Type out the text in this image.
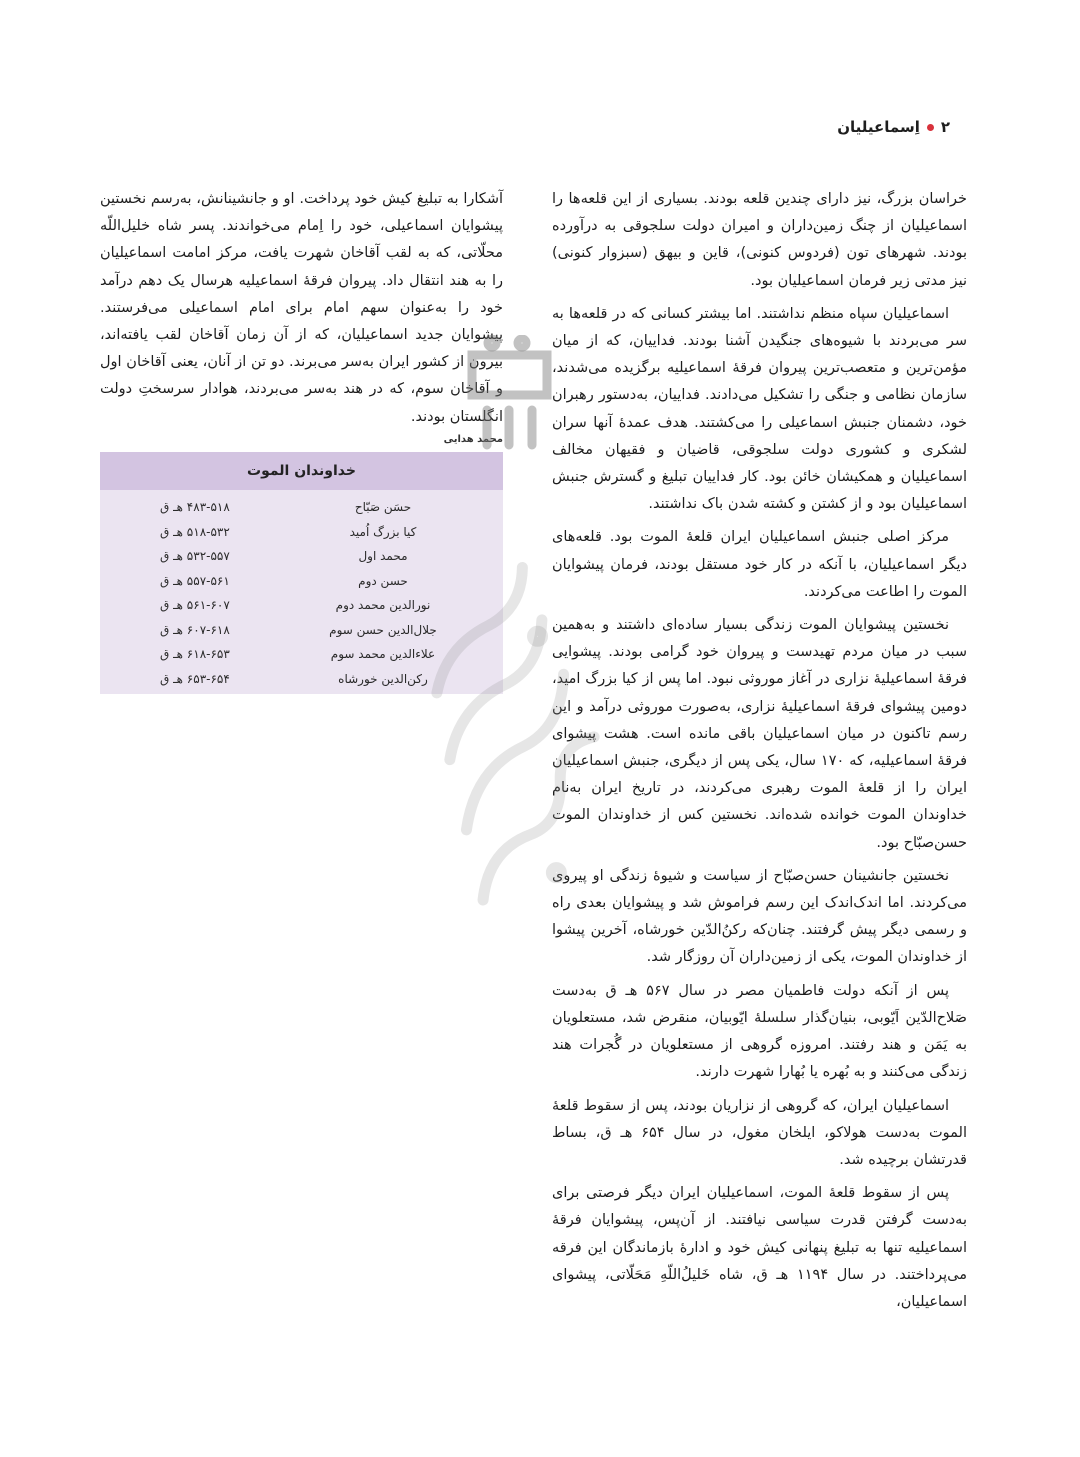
۲
اِسماعیلیان

خراسان بزرگ، نیز دارای چندین قلعه بودند. بسیاری از این قلعه‌ها را اسماعیلیان از چنگ زمین‌داران و امیران دولت سلجوقی به درآورده بودند. شهرهای تون (فردوس کنونی)، قاین و بیهق (سبزوار کنونی) نیز مدتی زیر فرمان اسماعیلیان بود.

اسماعیلیان سپاه منظم نداشتند. اما بیشتر کسانی که در قلعه‌ها به سر می‌بردند با شیوه‌های جنگیدن آشنا بودند. فداییان، که از میان مؤمن‌ترین و متعصب‌ترین پیروان فرقهٔ اسماعیلیه برگزیده می‌شدند، سازمان نظامی و جنگی را تشکیل می‌دادند. فداییان، به‌دستور رهبران خود، دشمنان جنبش اسماعیلی را می‌کشتند. هدف عمدهٔ آنها سران لشکری و کشوری دولت سلجوقی، قاضیان و فقیهان مخالف اسماعیلیان و همکیشان خائن بود. کار فداییان تبلیغ و گسترش جنبش اسماعیلیان بود و از کشتن و کشته شدن باک نداشتند.

مرکز اصلی جنبش اسماعیلیان ایران قلعهٔ الموت بود. قلعه‌های دیگر اسماعیلیان، با آنکه در کار خود مستقل بودند، فرمان پیشوایان الموت را اطاعت می‌کردند.

نخستین پیشوایان الموت زندگی بسیار ساده‌ای داشتند و به‌همین سبب در میان مردم تهیدست و پیروان خود گرامی بودند. پیشوایی فرقهٔ اسماعیلیهٔ نزاری در آغاز موروثی نبود. اما پس از کیا بزرگ امید، دومین پیشوای فرقهٔ اسماعیلیهٔ نزاری، به‌صورت موروثی درآمد و این رسم تاکنون در میان اسماعیلیان باقی مانده است. هشت پیشوای فرقهٔ اسماعیلیه، که ۱۷۰ سال، یکی پس از دیگری، جنبش اسماعیلیان ایران را از قلعهٔ الموت رهبری می‌کردند، در تاریخ ایران به‌نام خداوندان الموت خوانده شده‌اند. نخستین کس از خداوندان الموت حسن‌صبّاح بود.

نخستین جانشینان حسن‌صبّاح از سیاست و شیوهٔ زندگی او پیروی می‌کردند. اما اندک‌اندک این رسم فراموش شد و پیشوایان بعدی راه و رسمی دیگر پیش گرفتند. چنان‌که رکنُ‌الدّین خورشاه، آخرین پیشوا از خداوندان الموت، یکی از زمین‌داران آن روزگار شد.

پس از آنکه دولت فاطمیان مصر در سال ۵۶۷ هـ ق به‌دست صَلاح‌الدّین اَیّوبی، بنیان‌گذار سلسلهٔ ایّوبیان، منقرض شد، مستعلویان به یَمَن و هند رفتند. امروزه گروهی از مستعلویان در گُجرات هند زندگی می‌کنند و به بُهره یا بُهارا شهرت دارند.

اسماعیلیان ایران، که گروهی از نزاریان بودند، پس از سقوط قلعهٔ الموت به‌دست هولاکو، ایلخان مغول، در سال ۶۵۴ هـ ق، بساط قدرتشان برچیده شد.

پس از سقوط قلعهٔ الموت، اسماعیلیان ایران دیگر فرصتی برای به‌دست گرفتن قدرت سیاسی نیافتند. از آن‌پس، پیشوایان فرقهٔ اسماعیلیه تنها به تبلیغ پنهانی کیش خود و ادارهٔ بازماندگان این فرقه می‌پرداختند. در سال ۱۱۹۴ هـ ق، شاه خَلیلُ‌اللّهِ مَحَلّاتی، پیشوای اسماعیلیان،

آشکارا به تبلیغ کیش خود پرداخت. او و جانشینانش، به‌رسم نخستین پیشوایان اسماعیلی، خود را اِمام می‌خواندند. پسر شاه خلیل‌اللّه محلّاتی، که به لقب آقاخان شهرت یافت، مرکز امامت اسماعیلیان را به هند انتقال داد. پیروان فرقهٔ اسماعیلیه هرسال یک دهم درآمد خود را به‌عنوان سهم امام برای امام اسماعیلی می‌فرستند. پیشوایان جدید اسماعیلیان، که از آن زمان آقاخان لقب یافته‌اند، بیرون از کشور ایران به‌سر می‌برند. دو تن از آنان، یعنی آقاخان اول و آقاخان سوم، که در هند به‌سر می‌بردند، هوادار سرسختِ دولت انگلستان بودند.

محمد هدایی
خداوندان الموت
حسَن صَبّاح
۴۸۳-۵۱۸ هـ ق
کیا بزرگ اُمید
۵۱۸-۵۳۲ هـ ق
محمد اول
۵۳۲-۵۵۷ هـ ق
حسن دوم
۵۵۷-۵۶۱ هـ ق
نورالدین محمد دوم
۵۶۱-۶۰۷ هـ ق
جلال‌الدین حسن سوم
۶۰۷-۶۱۸ هـ ق
علاءالدین محمد سوم
۶۱۸-۶۵۳ هـ ق
رکن‌الدین خورشاه
۶۵۳-۶۵۴ هـ ق
